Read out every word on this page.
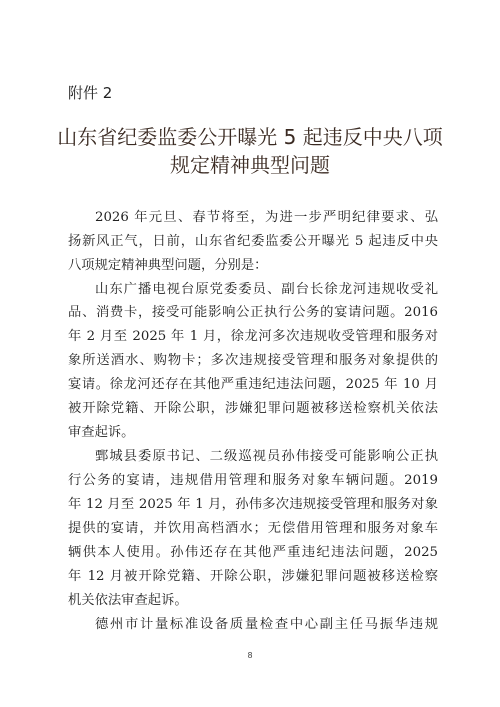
附件 2
山东省纪委监委公开曝光 5 起违反中央八项
规定精神典型问题
2026 年元旦、春节将至，为进一步严明纪律要求、弘
扬新风正气，日前，山东省纪委监委公开曝光 5 起违反中央
八项规定精神典型问题，分别是：
山东广播电视台原党委委员、副台长徐龙河违规收受礼
品、消费卡，接受可能影响公正执行公务的宴请问题。2016
年 2 月至 2025 年 1 月，徐龙河多次违规收受管理和服务对
象所送酒水、购物卡；多次违规接受管理和服务对象提供的
宴请。徐龙河还存在其他严重违纪违法问题，2025 年 10 月
被开除党籍、开除公职，涉嫌犯罪问题被移送检察机关依法
审查起诉。
鄄城县委原书记、二级巡视员孙伟接受可能影响公正执
行公务的宴请，违规借用管理和服务对象车辆问题。2019
年 12 月至 2025 年 1 月，孙伟多次违规接受管理和服务对象
提供的宴请，并饮用高档酒水；无偿借用管理和服务对象车
辆供本人使用。孙伟还存在其他严重违纪违法问题，2025
年 12 月被开除党籍、开除公职，涉嫌犯罪问题被移送检察
机关依法审查起诉。
德州市计量标准设备质量检查中心副主任马振华违规
8
